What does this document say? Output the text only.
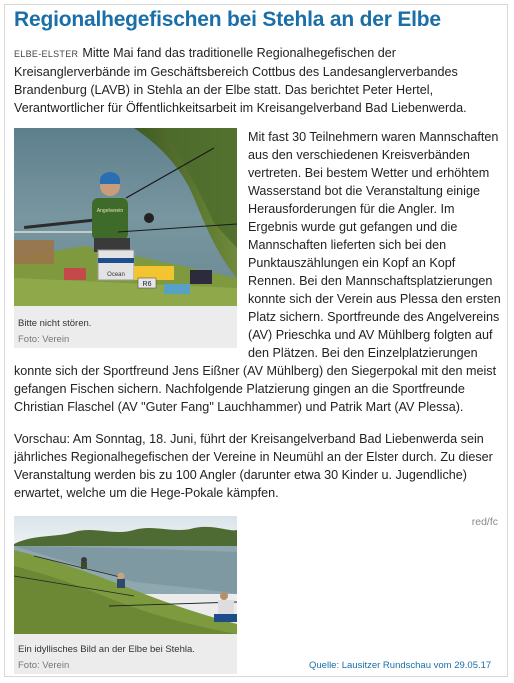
Regionalhegefischen bei Stehla an der Elbe
ELBE-ELSTER Mitte Mai fand das traditionelle Regionalhegefischen der Kreisanglerverbände im Geschäftsbereich Cottbus des Landesanglerverbandes Brandenburg (LAVB) in Stehla an der Elbe statt. Das berichtet Peter Hertel, Verantwortlicher für Öffentlichkeitsarbeit im Kreisangelverband Bad Liebenwerda.
Ocean
Angelverein
R6
Bitte nicht stören.
Foto: Verein
Mit fast 30 Teilnehmern waren Mannschaften aus den verschiedenen Kreisverbänden vertreten. Bei bestem Wetter und erhöhtem Wasserstand bot die Veranstaltung einige Herausforderungen für die Angler. Im Ergebnis wurde gut gefangen und die Mannschaften lieferten sich bei den Punktauszählungen ein Kopf an Kopf Rennen. Bei den Mannschaftsplatzierungen konnte sich der Verein aus Plessa den ersten Platz sichern. Sportfreunde des Angelvereins (AV) Prieschka und AV Mühlberg folgten auf den Plätzen. Bei den Einzelplatzierungen
konnte sich der Sportfreund Jens Eißner (AV Mühlberg) den Siegerpokal mit den meist gefangen Fischen sichern. Nachfolgende Platzierung gingen an die Sportfreunde Christian Flaschel (AV "Guter Fang" Lauchhammer) und Patrik Mart (AV Plessa).
Vorschau: Am Sonntag, 18. Juni, führt der Kreisangelverband Bad Liebenwerda sein jährliches Regionalhegefischen der Vereine in Neumühl an der Elster durch. Zu dieser Veranstaltung werden bis zu 100 Angler (darunter etwa 30 Kinder u. Jugendliche) erwartet, welche um die Hege-Pokale kämpfen.
red/fc
Ein idyllisches Bild an der Elbe bei Stehla.
Foto: Verein	Quelle: Lausitzer Rundschau vom 29.05.17
